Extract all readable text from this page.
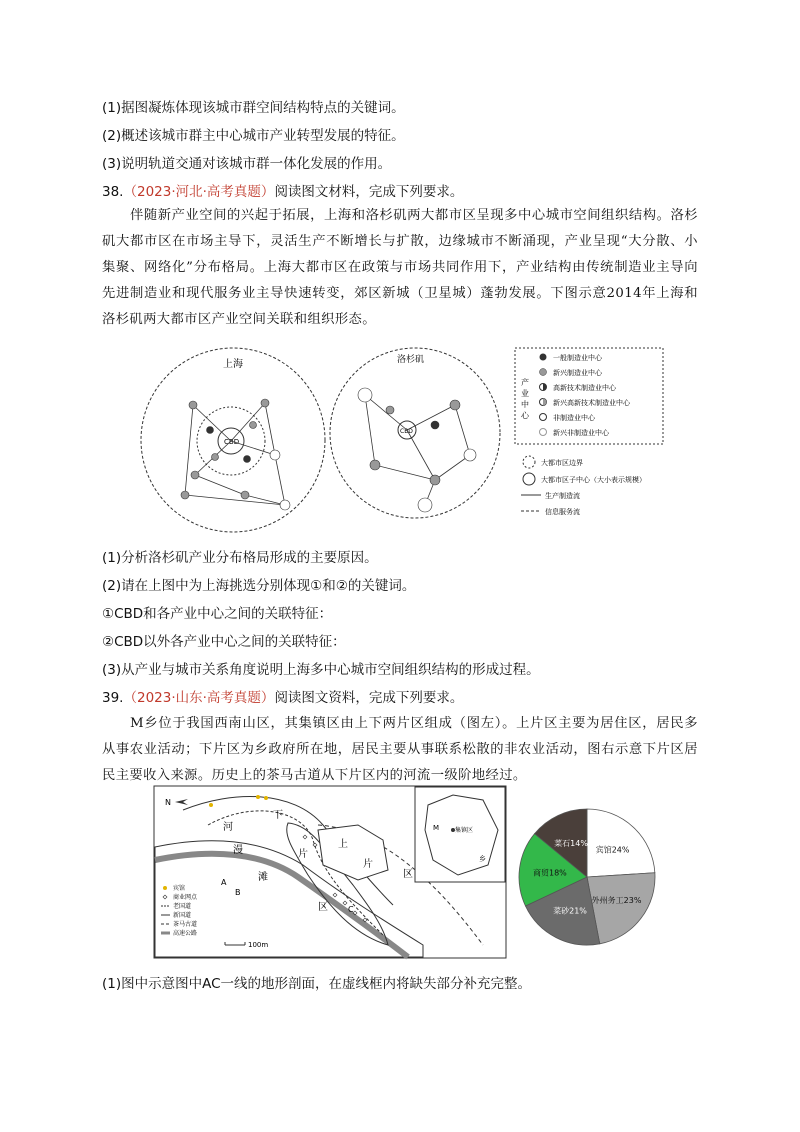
(1)据图凝炼体现该城市群空间结构特点的关键词。
(2)概述该城市群主中心城市产业转型发展的特征。
(3)说明轨道交通对该城市群一体化发展的作用。
38.（2023·河北·高考真题）阅读图文材料，完成下列要求。
伴随新产业空间的兴起于拓展，上海和洛杉矶两大都市区呈现多中心城市空间组织结构。洛杉矶大都市区在市场主导下，灵活生产不断增长与扩散，边缘城市不断涌现，产业呈现“大分散、小集聚、网络化”分布格局。上海大都市区在政策与市场共同作用下，产业结构由传统制造业主导向先进制造业和现代服务业主导快速转变，郊区新城（卫星城）蓬勃发展。下图示意2014年上海和洛杉矶两大都市区产业空间关联和组织形态。
上海
CBD
洛杉矶
CBD
产业中心
一般制造业中心
新兴制造业中心
高新技术制造业中心
新兴高新技术制造业中心
非制造业中心
新兴非制造业中心
大都市区边界
大都市区子中心（大小表示规模）
生产制造流
信息服务流
(1)分析洛杉矶产业分布格局形成的主要原因。
(2)请在上图中为上海挑选分别体现①和②的关键词。
①CBD和各产业中心之间的关联特征：
②CBD以外各产业中心之间的关联特征：
(3)从产业与城市关系角度说明上海多中心城市空间组织结构的形成过程。
39.（2023·山东·高考真题）阅读图文资料，完成下列要求。
M乡位于我国西南山区，其集镇区由上下两片区组成（图左）。上片区主要为居住区，居民多从事农业活动；下片区为乡政府所在地，居民主要从事联系松散的非农业活动，图右示意下片区居民主要收入来源。历史上的茶马古道从下片区内的河流一级阶地经过。
N
河
漫
滩
上
片
区
下
片
区
A
B
C
宾馆
商业网点
老国道
新国道
茶马古道
高速公路
100m
M	集镇区
乡
宾馆24%
外州务工23%
菜砂21%
商贸18%
菜石14%
(1)图中示意图中AC一线的地形剖面，在虚线框内将缺失部分补充完整。
